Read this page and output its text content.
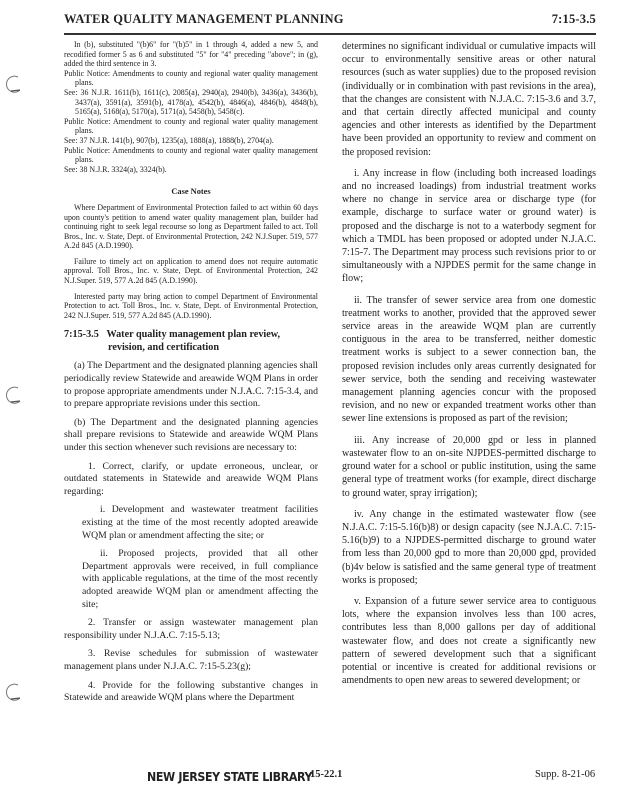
WATER QUALITY MANAGEMENT PLANNING	7:15-3.5

In (b), substituted "(b)6" for "(b)5" in 1 through 4, added a new 5, and recodified former 5 as 6 and substituted "5" for "4" preceding "above"; in (g), added the third sentence in 3.

Public Notice: Amendments to county and regional water quality management plans.

See: 36 N.J.R. 1611(b), 1611(c), 2085(a), 2940(a), 2940(b), 3436(a), 3436(b), 3437(a), 3591(a), 3591(b), 4178(a), 4542(b), 4846(a), 4846(b), 4848(b), 5165(a), 5168(a), 5170(a), 5171(a), 5458(b), 5458(c).

Public Notice: Amendment to county and regional water quality management plans.

See: 37 N.J.R. 141(b), 907(b), 1235(a), 1888(a), 1888(b), 2704(a).

Public Notice: Amendments to county and regional water quality management plans.

See: 38 N.J.R. 3324(a), 3324(b).

Case Notes

Where Department of Environmental Protection failed to act within 60 days upon county's petition to amend water quality management plan, builder had continuing right to seek legal recourse so long as Department failed to act. Toll Bros., Inc. v. State, Dept. of Environmental Protection, 242 N.J.Super. 519, 577 A.2d 845 (A.D.1990).

Failure to timely act on application to amend does not require automatic approval. Toll Bros., Inc. v. State, Dept. of Environmental Protection, 242 N.J.Super. 519, 577 A.2d 845 (A.D.1990).

Interested party may bring action to compel Department of Environmental Protection to act. Toll Bros., Inc. v. State, Dept. of Environmental Protection, 242 N.J.Super. 519, 577 A.2d 845 (A.D.1990).

7:15-3.5 Water quality management plan review, revision, and certification

(a) The Department and the designated planning agencies shall periodically review Statewide and areawide WQM Plans in order to propose appropriate amendments under N.J.A.C. 7:15-3.4, and to prepare appropriate revisions under this section.

(b) The Department and the designated planning agencies shall prepare revisions to Statewide and areawide WQM Plans under this section whenever such revisions are necessary to:

1. Correct, clarify, or update erroneous, unclear, or outdated statements in Statewide and areawide WQM Plans regarding:

i. Development and wastewater treatment facilities existing at the time of the most recently adopted areawide WQM plan or amendment affecting the site; or

ii. Proposed projects, provided that all other Department approvals were received, in full compliance with applicable regulations, at the time of the most recently adopted areawide WQM plan or amendment affecting the site;

2. Transfer or assign wastewater management plan responsibility under N.J.A.C. 7:15-5.13;

3. Revise schedules for submission of wastewater management plans under N.J.A.C. 7:15-5.23(g);

4. Provide for the following substantive changes in Statewide and areawide WQM plans where the Department

determines no significant individual or cumulative impacts will occur to environmentally sensitive areas or other natural resources (such as water supplies) due to the proposed revision (individually or in combination with past revisions in the area), that the changes are consistent with N.J.A.C. 7:15-3.6 and 3.7, and that certain directly affected municipal and county agencies and other interests as identified by the Department have been provided an opportunity to review and comment on the proposed revision:

i. Any increase in flow (including both increased loadings and no increased loadings) from industrial treatment works where no change in service area or discharge type (for example, discharge to surface water or ground water) is proposed and the discharge is not to a waterbody segment for which a TMDL has been proposed or adopted under N.J.A.C. 7:15-7. The Department may process such revisions prior to or simultaneously with a NJPDES permit for the same change in flow;

ii. The transfer of sewer service area from one domestic treatment works to another, provided that the approved sewer service areas in the areawide WQM plan are currently contiguous in the area to be transferred, neither domestic treatment works is subject to a sewer connection ban, the proposed revision includes only areas currently designated for sewer service, both the sending and receiving wastewater management planning agencies concur with the proposed revision, and no new or expanded treatment works other than sewer line extensions is proposed as part of the revision;

iii. Any increase of 20,000 gpd or less in planned wastewater flow to an on-site NJPDES-permitted discharge to ground water for a school or public institution, using the same general type of treatment works (for example, direct discharge to ground water, spray irrigation);

iv. Any change in the estimated wastewater flow (see N.J.A.C. 7:15-5.16(b)8) or design capacity (see N.J.A.C. 7:15-5.16(b)9) to a NJPDES-permitted discharge to ground water from less than 20,000 gpd to more than 20,000 gpd, provided (b)4v below is satisfied and the same general type of treatment works is proposed;

v. Expansion of a future sewer service area to contiguous lots, where the expansion involves less than 100 acres, contributes less than 8,000 gallons per day of additional wastewater flow, and does not create a significantly new pattern of sewered development such that a significant potential or incentive is created for additional revisions or amendments to open new areas to sewered development; or

NEW JERSEY STATE LIBRARY
15-22.1	Supp. 8-21-06
